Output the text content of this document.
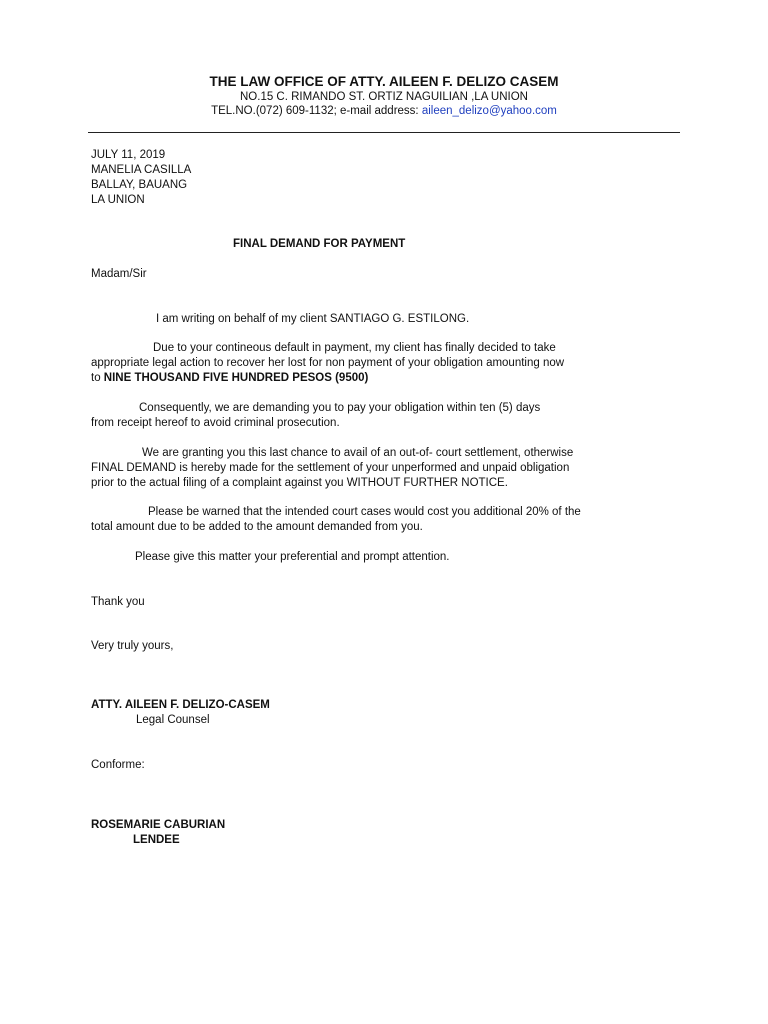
THE LAW OFFICE OF ATTY. AILEEN F. DELIZO CASEM
NO.15 C. RIMANDO ST. ORTIZ NAGUILIAN ,LA UNION
TEL.NO.(072) 609-1132; e-mail address: aileen_delizo@yahoo.com
JULY 11, 2019
MANELIA CASILLA
BALLAY, BAUANG
LA UNION
FINAL DEMAND FOR PAYMENT
Madam/Sir
I am writing on behalf of my client SANTIAGO G. ESTILONG.
Due to your contineous default in payment, my client has finally decided to take
appropriate legal action to recover her lost for non payment of your obligation amounting now
to NINE THOUSAND FIVE HUNDRED PESOS (9500)
Consequently, we are demanding you to pay your obligation within ten (5) days
from receipt hereof to avoid criminal prosecution.
We are granting you this last chance to avail of an out-of- court settlement, otherwise
FINAL DEMAND is hereby made for the settlement of your unperformed and unpaid obligation
prior to the actual filing of a complaint against you WITHOUT FURTHER NOTICE.
Please be warned that the intended court cases would cost you additional 20% of the
total amount due to be added to the amount demanded from you.
Please give this matter your preferential and prompt attention.
Thank you
Very truly yours,
ATTY. AILEEN F. DELIZO-CASEM
Legal Counsel
Conforme:
ROSEMARIE CABURIAN
LENDEE
